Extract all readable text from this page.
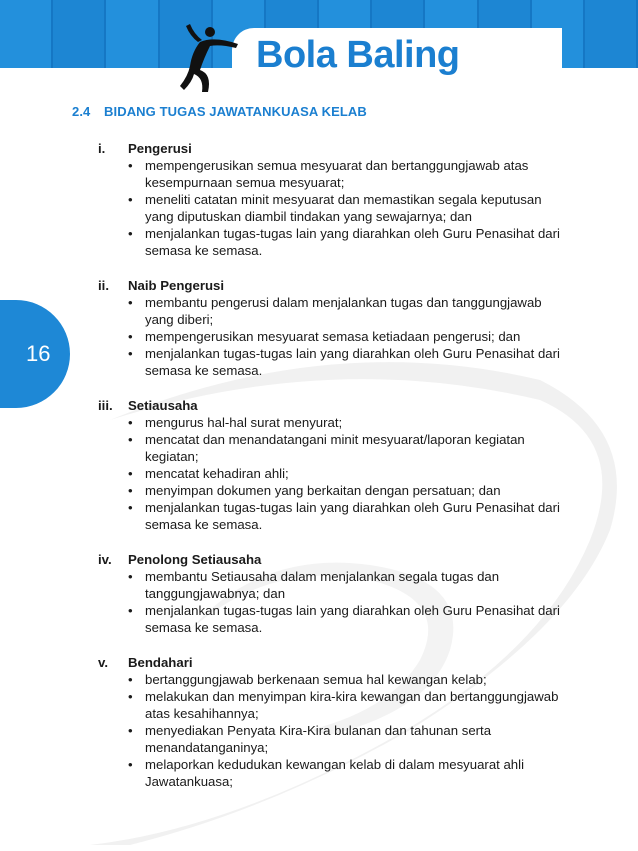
Bola Baling
16
2.4 BIDANG TUGAS JAWATANKUASA KELAB
i.	Pengerusi
• mempengerusikan semua mesyuarat dan bertanggungjawab atas kesempurnaan semua mesyuarat;
• meneliti catatan minit mesyuarat dan memastikan segala keputusan yang diputuskan diambil tindakan yang sewajarnya; dan
• menjalankan tugas-tugas lain yang diarahkan oleh Guru Penasihat dari semasa ke semasa.
ii.	Naib Pengerusi
• membantu pengerusi dalam menjalankan tugas dan tanggungjawab yang diberi;
• mempengerusikan mesyuarat semasa ketiadaan pengerusi; dan
• menjalankan tugas-tugas lain yang diarahkan oleh Guru Penasihat dari semasa ke semasa.
iii.	Setiausaha
• mengurus hal-hal surat menyurat;
• mencatat dan menandatangani minit mesyuarat/laporan kegiatan kegiatan;
• mencatat kehadiran ahli;
• menyimpan dokumen yang berkaitan dengan persatuan; dan
• menjalankan tugas-tugas lain yang diarahkan oleh Guru Penasihat dari semasa ke semasa.
iv.	Penolong Setiausaha
• membantu Setiausaha dalam menjalankan segala tugas dan tanggungjawabnya; dan
• menjalankan tugas-tugas lain yang diarahkan oleh Guru Penasihat dari semasa ke semasa.
v.	Bendahari
• bertanggungjawab berkenaan semua hal kewangan kelab;
• melakukan dan menyimpan kira-kira kewangan dan bertanggungjawab atas kesahihannya;
• menyediakan Penyata Kira-Kira bulanan dan tahunan serta menandatanganinya;
• melaporkan kedudukan kewangan kelab di dalam mesyuarat ahli Jawatankuasa;
